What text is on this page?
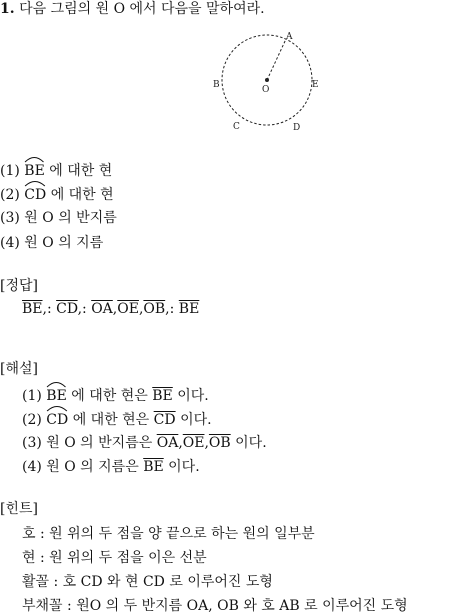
1. 다음 그림의 원 O 에서 다음을 말하여라.
A
B
C	D
E
O
(1) BE 에 대한 현
(2) CD 에 대한 현
(3) 원 O 의 반지름
(4) 원 O 의 지름
[정답]
$\overline{BE}$,: $\overline{CD}$,: $\overline{OA},\overline{OE},\overline{OB}$,: $\overline{BE}$
[해설]
(1) BE 에 대한 현은 $\overline{BE}$ 이다.
(2) CD 에 대한 현은 $\overline{CD}$ 이다.
(3) 원 O 의 반지름은 $\overline{OA},\overline{OE},\overline{OB}$ 이다.
(4) 원 O 의 지름은 $\overline{BE}$ 이다.
[힌트]
호 : 원 위의 두 점을 양 끝으로 하는 원의 일부분
현 : 원 위의 두 점을 이은 선분
활꼴 : 호 CD 와 현 CD 로 이루어진 도형
부채꼴 : 원O 의 두 반지름 OA, OB 와 호 AB 로 이루어진 도형
